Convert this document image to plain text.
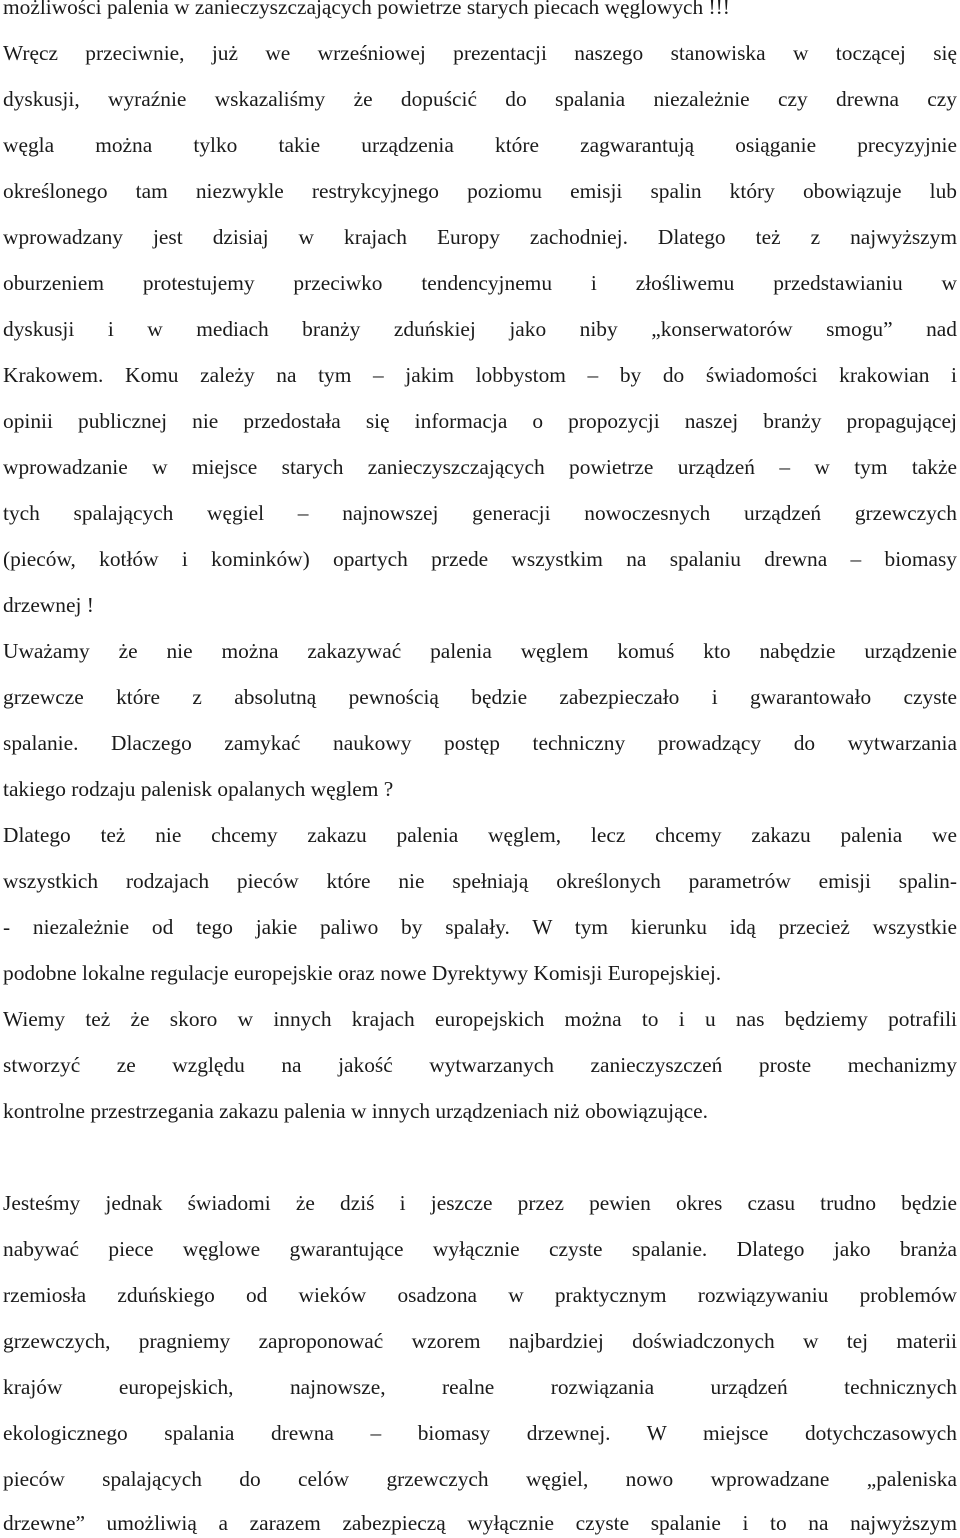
możliwości palenia w zanieczyszczających powietrze starych piecach węglowych !!!
Wręcz przeciwnie, już we wrześniowej prezentacji naszego stanowiska w toczącej się
dyskusji, wyraźnie wskazaliśmy że dopuścić do spalania niezależnie czy drewna czy
węgla można tylko takie urządzenia które zagwarantują osiąganie precyzyjnie
określonego tam niezwykle restrykcyjnego poziomu emisji spalin który obowiązuje lub
wprowadzany jest dzisiaj w krajach Europy zachodniej. Dlatego też z najwyższym
oburzeniem protestujemy przeciwko tendencyjnemu i złośliwemu przedstawianiu w
dyskusji i w mediach branży zduńskiej jako niby „konserwatorów smogu” nad
Krakowem. Komu zależy na tym – jakim lobbystom – by do świadomości krakowian i
opinii publicznej nie przedostała się informacja o propozycji naszej branży propagującej
wprowadzanie w miejsce starych zanieczyszczających powietrze urządzeń – w tym także
tych spalających węgiel – najnowszej generacji nowoczesnych urządzeń grzewczych
(pieców, kotłów i kominków) opartych przede wszystkim na spalaniu drewna – biomasy
drzewnej !
Uważamy że nie można zakazywać palenia węglem komuś kto nabędzie urządzenie
grzewcze które z absolutną pewnością będzie zabezpieczało i gwarantowało czyste
spalanie. Dlaczego zamykać naukowy postęp techniczny prowadzący do wytwarzania
takiego rodzaju palenisk opalanych węglem ?
Dlatego też nie chcemy zakazu palenia węglem, lecz chcemy zakazu palenia we
wszystkich rodzajach pieców które nie spełniają określonych parametrów emisji spalin-
- niezależnie od tego jakie paliwo by spalały. W tym kierunku idą przecież wszystkie
podobne lokalne regulacje europejskie oraz nowe Dyrektywy Komisji Europejskiej.
Wiemy też że skoro w innych krajach europejskich można to i u nas będziemy potrafili
stworzyć ze względu na jakość wytwarzanych zanieczyszczeń proste mechanizmy
kontrolne przestrzegania zakazu palenia w innych urządzeniach niż obowiązujące.
Jesteśmy jednak świadomi że dziś i jeszcze przez pewien okres czasu trudno będzie
nabywać piece węglowe gwarantujące wyłącznie czyste spalanie. Dlatego jako branża
rzemiosła zduńskiego od wieków osadzona w praktycznym rozwiązywaniu problemów
grzewczych, pragniemy zaproponować wzorem najbardziej doświadczonych w tej materii
krajów europejskich, najnowsze, realne rozwiązania urządzeń technicznych
ekologicznego spalania drewna – biomasy drzewnej. W miejsce dotychczasowych
pieców spalających do celów grzewczych węgiel, nowo wprowadzane „paleniska
drzewne” umożliwią a zarazem zabezpieczą wyłącznie czyste spalanie i to na najwyższym
